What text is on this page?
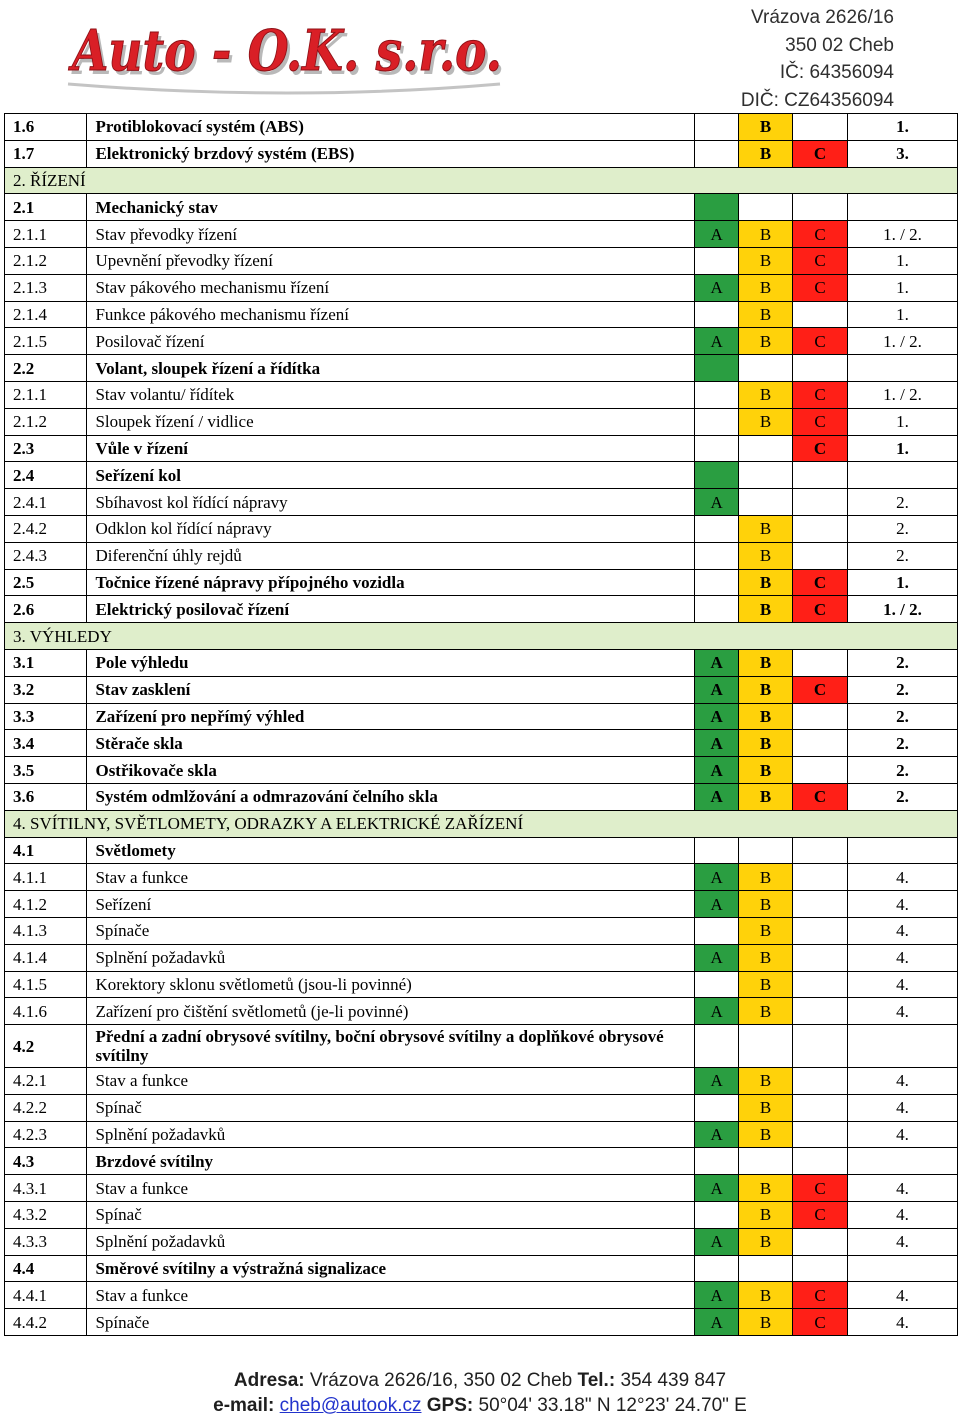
Auto - O.K. s.r.o.
Auto - O.K. s.r.o.
Vrázova 2626/16
350 02 Cheb
IČ: 64356094
DIČ: CZ64356094
1.6	Protiblokovací systém (ABS)		B		1.
1.7	Elektronický brzdový systém (EBS)		B	C	3.
2. ŘÍZENÍ					
2.1	Mechanický stav				
2.1.1	Stav převodky řízení	A	B	C	1. / 2.
2.1.2	Upevnění převodky řízení		B	C	1.
2.1.3	Stav pákového mechanismu řízení	A	B	C	1.
2.1.4	Funkce pákového mechanismu řízení		B		1.
2.1.5	Posilovač řízení	A	B	C	1. / 2.
2.2	Volant, sloupek řízení a řídítka				
2.1.1	Stav volantu/ řídítek		B	C	1. / 2.
2.1.2	Sloupek řízení / vidlice		B	C	1.
2.3	Vůle v řízení			C	1.
2.4	Seřízení kol				
2.4.1	Sbíhavost kol řídící nápravy	A			2.
2.4.2	Odklon kol řídící nápravy		B		2.
2.4.3	Diferenční úhly rejdů		B		2.
2.5	Točnice řízené nápravy přípojného vozidla		B	C	1.
2.6	Elektrický posilovač řízení		B	C	1. / 2.
3. VÝHLEDY					
3.1	Pole výhledu	A	B		2.
3.2	Stav zasklení	A	B	C	2.
3.3	Zařízení pro nepřímý výhled	A	B		2.
3.4	Stěrače skla	A	B		2.
3.5	Ostřikovače skla	A	B		2.
3.6	Systém odmlžování a odmrazování čelního skla	A	B	C	2.
4. SVÍTILNY, SVĚTLOMETY, ODRAZKY A ELEKTRICKÉ ZAŘÍZENÍ					
4.1	Světlomety				
4.1.1	Stav a funkce	A	B		4.
4.1.2	Seřízení	A	B		4.
4.1.3	Spínače		B		4.
4.1.4	Splnění požadavků	A	B		4.
4.1.5	Korektory sklonu světlometů (jsou-li povinné)		B		4.
4.1.6	Zařízení pro čištění světlometů (je-li povinné)	A	B		4.
4.2	Přední a zadní obrysové svítilny, boční obrysové svítilny a doplňkové obrysové svítilny				
4.2.1	Stav a funkce	A	B		4.
4.2.2	Spínač		B		4.
4.2.3	Splnění požadavků	A	B		4.
4.3	Brzdové svítilny				
4.3.1	Stav a funkce	A	B	C	4.
4.3.2	Spínač		B	C	4.
4.3.3	Splnění požadavků	A	B		4.
4.4	Směrové svítilny a výstražná signalizace				
4.4.1	Stav a funkce	A	B	C	4.
4.4.2	Spínače	A	B	C	4.
Adresa: Vrázova 2626/16, 350 02 Cheb Tel.: 354 439 847
e-mail: cheb@autook.cz GPS: 50°04' 33.18" N 12°23' 24.70" E
